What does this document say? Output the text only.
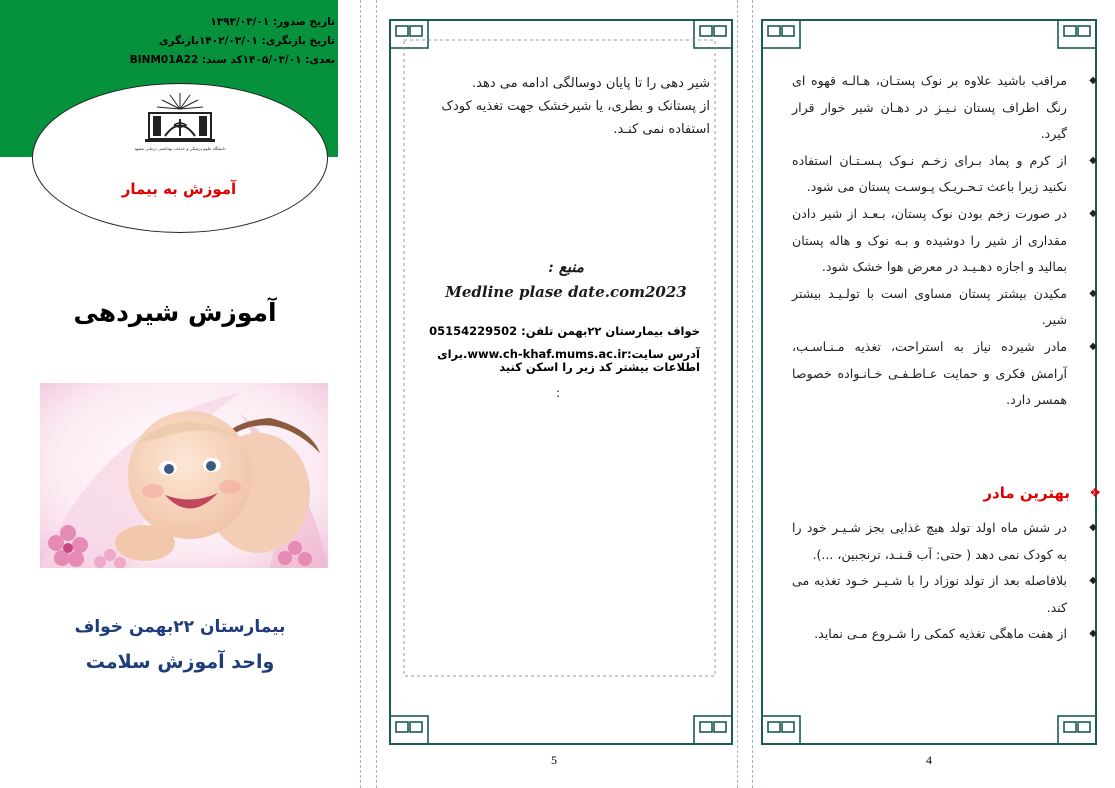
تاریخ صدور: ۱۳۹۳/۰۳/۰۱
تاریخ بازنگری: ۱۴۰۲/۰۳/۰۱بازنگری
بعدی: ۱۴۰۵/۰۳/۰۱کد سند: BINM01A22
دانشگاه علوم پزشکی و خدمات بهداشتی درمانی مشهد
آموزش به بیمار
آموزش شیردهی
بیمارستان ۲۲بهمن خواف
واحد آموزش سلامت

شیر دهی را تا پایان دوسالگی ادامه می دهد.

از پستانک و بطری، یا شیرخشک جهت تغذیه کودک استفاده نمی کنـد.

منبع :
Medline plase date.com2023
خواف بیمارستان ۲۲بهمن تلفن: 05154229502
آدرس سایت:www.ch-khaf.mums.ac.ir.برای
اطلاعات بیشتر کد زیر را اسکن کنید
:
5
◆
مراقب باشید علاوه بر نوک پستـان، هـالـه قهوه ای رنگ اطراف پستان نـیـز در دهـان شیر خوار قرار گیرد.
◆
از کرم و پماد بـرای زخـم نـوک پـسـتـان استفاده نکنید زیرا باعث تـحـریـک پـوسـت پستان می شود.
◆
در صورت زخم بودن نوک پستان، بـعـد از شیر دادن مقداری از شیر را دوشیده و بـه نوک و هاله پستان بمالید و اجازه دهـیـد در معرض هوا خشک شود.
◆
مکیدن بیشتر پستان مساوی است با تولـیـد بیشتر شیر.
◆
مادر شیرده نیاز به استراحت، تغذیه مـنـاسـب، آرامش فکری و حمایت عـاطـفـی خـانـواده خصوصا همسر دارد.
❖
بهترین مادر
◆
در شش ماه اولد تولد هیچ غذایی بجز شـیـر خود را به کودک نمی دهد ( حتی: آب قـنـد، ترنجبین، ...).
◆
بلافاصله بعد از تولد نوزاد را با شـیـر خـود تغذیه می کند.
◆
از هفت ماهگی تغذیه کمکی را شـروع مـی نماید.
4
